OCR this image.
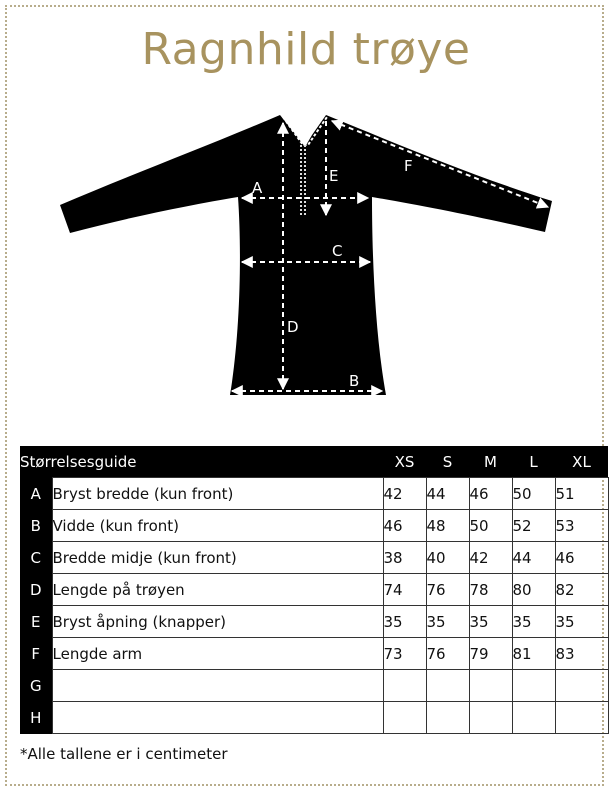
Ragnhild trøye
A
B
C
D
E
F
Størrelsesguide		XS	S	M	L	XL
A	Bryst bredde (kun front)	42	44	46	50	51
B	Vidde (kun front)	46	48	50	52	53
C	Bredde midje (kun front)	38	40	42	44	46
D	Lengde på trøyen	74	76	78	80	82
E	Bryst åpning (knapper)	35	35	35	35	35
F	Lengde arm	73	76	79	81	83
G						
H						
*Alle tallene er i centimeter
